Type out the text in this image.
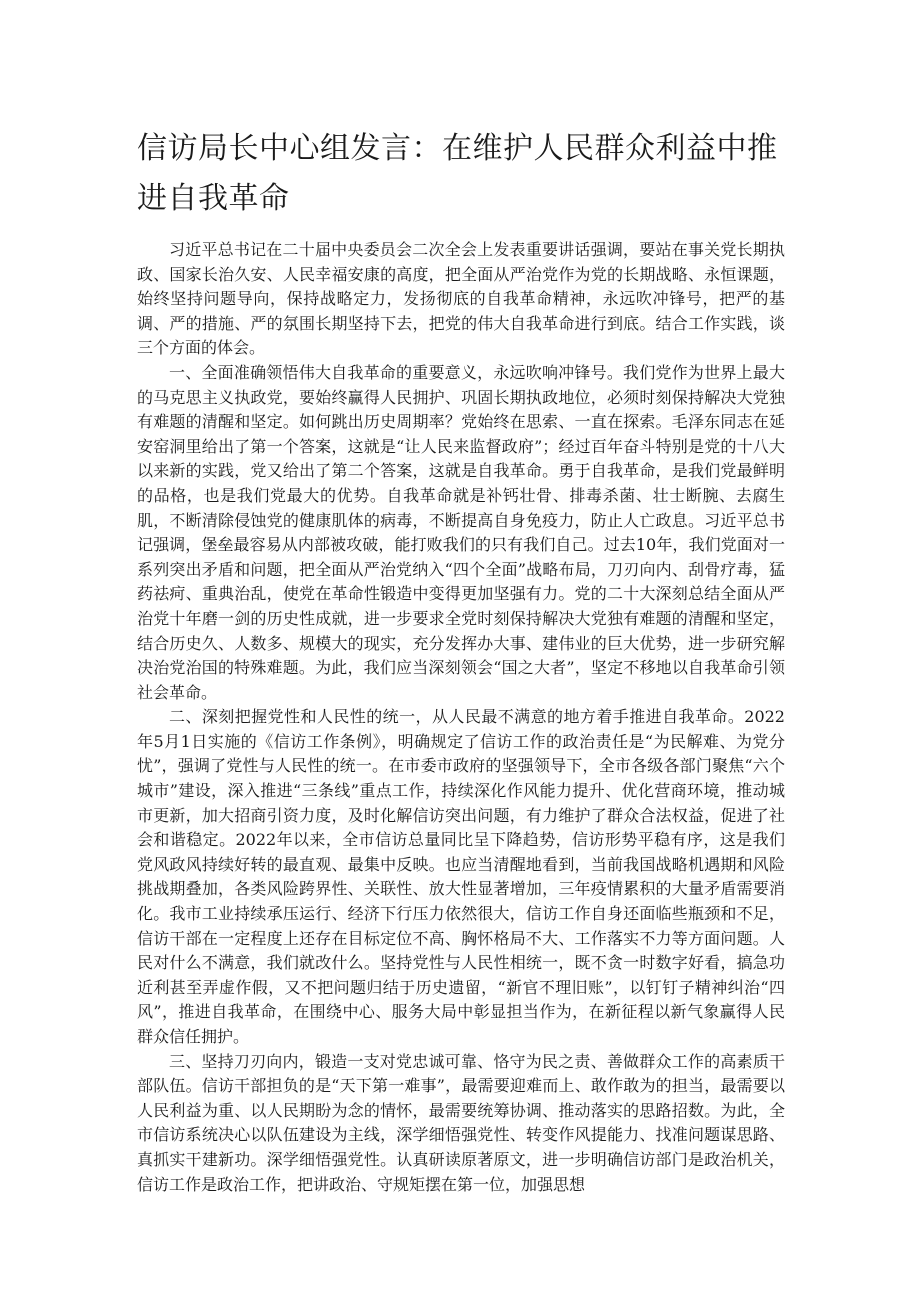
信访局长中心组发言：在维护人民群众利益中推进自我革命

习近平总书记在二十届中央委员会二次全会上发表重要讲话强调，要站在事关党长期执政、国家长治久安、人民幸福安康的高度，把全面从严治党作为党的长期战略、永恒课题，始终坚持问题导向，保持战略定力，发扬彻底的自我革命精神，永远吹冲锋号，把严的基调、严的措施、严的氛围长期坚持下去，把党的伟大自我革命进行到底。结合工作实践，谈三个方面的体会。

一、全面准确领悟伟大自我革命的重要意义，永远吹响冲锋号。我们党作为世界上最大的马克思主义执政党，要始终赢得人民拥护、巩固长期执政地位，必须时刻保持解决大党独有难题的清醒和坚定。如何跳出历史周期率？党始终在思索、一直在探索。毛泽东同志在延安窑洞里给出了第一个答案，这就是“让人民来监督政府”；经过百年奋斗特别是党的十八大以来新的实践，党又给出了第二个答案，这就是自我革命。勇于自我革命，是我们党最鲜明的品格，也是我们党最大的优势。自我革命就是补钙壮骨、排毒杀菌、壮士断腕、去腐生肌，不断清除侵蚀党的健康肌体的病毒，不断提高自身免疫力，防止人亡政息。习近平总书记强调，堡垒最容易从内部被攻破，能打败我们的只有我们自己。过去10年，我们党面对一系列突出矛盾和问题，把全面从严治党纳入“四个全面”战略布局，刀刃向内、刮骨疗毒，猛药祛疴、重典治乱，使党在革命性锻造中变得更加坚强有力。党的二十大深刻总结全面从严治党十年磨一剑的历史性成就，进一步要求全党时刻保持解决大党独有难题的清醒和坚定，结合历史久、人数多、规模大的现实，充分发挥办大事、建伟业的巨大优势，进一步研究解决治党治国的特殊难题。为此，我们应当深刻领会“国之大者”，坚定不移地以自我革命引领社会革命。

二、深刻把握党性和人民性的统一，从人民最不满意的地方着手推进自我革命。2022年5月1日实施的《信访工作条例》，明确规定了信访工作的政治责任是“为民解难、为党分忧”，强调了党性与人民性的统一。在市委市政府的坚强领导下，全市各级各部门聚焦“六个城市”建设，深入推进“三条线”重点工作，持续深化作风能力提升、优化营商环境，推动城市更新，加大招商引资力度，及时化解信访突出问题，有力维护了群众合法权益，促进了社会和谐稳定。2022年以来，全市信访总量同比呈下降趋势，信访形势平稳有序，这是我们党风政风持续好转的最直观、最集中反映。也应当清醒地看到，当前我国战略机遇期和风险挑战期叠加，各类风险跨界性、关联性、放大性显著增加，三年疫情累积的大量矛盾需要消化。我市工业持续承压运行、经济下行压力依然很大，信访工作自身还面临些瓶颈和不足，信访干部在一定程度上还存在目标定位不高、胸怀格局不大、工作落实不力等方面问题。人民对什么不满意，我们就改什么。坚持党性与人民性相统一，既不贪一时数字好看，搞急功近利甚至弄虚作假，又不把问题归结于历史遗留，“新官不理旧账”，以钉钉子精神纠治“四风”，推进自我革命，在围绕中心、服务大局中彰显担当作为，在新征程以新气象赢得人民群众信任拥护。

三、坚持刀刃向内，锻造一支对党忠诚可靠、恪守为民之责、善做群众工作的高素质干部队伍。信访干部担负的是“天下第一难事”，最需要迎难而上、敢作敢为的担当，最需要以人民利益为重、以人民期盼为念的情怀，最需要统筹协调、推动落实的思路招数。为此，全市信访系统决心以队伍建设为主线，深学细悟强党性、转变作风提能力、找准问题谋思路、真抓实干建新功。深学细悟强党性。认真研读原著原文，进一步明确信访部门是政治机关，信访工作是政治工作，把讲政治、守规矩摆在第一位，加强思想
